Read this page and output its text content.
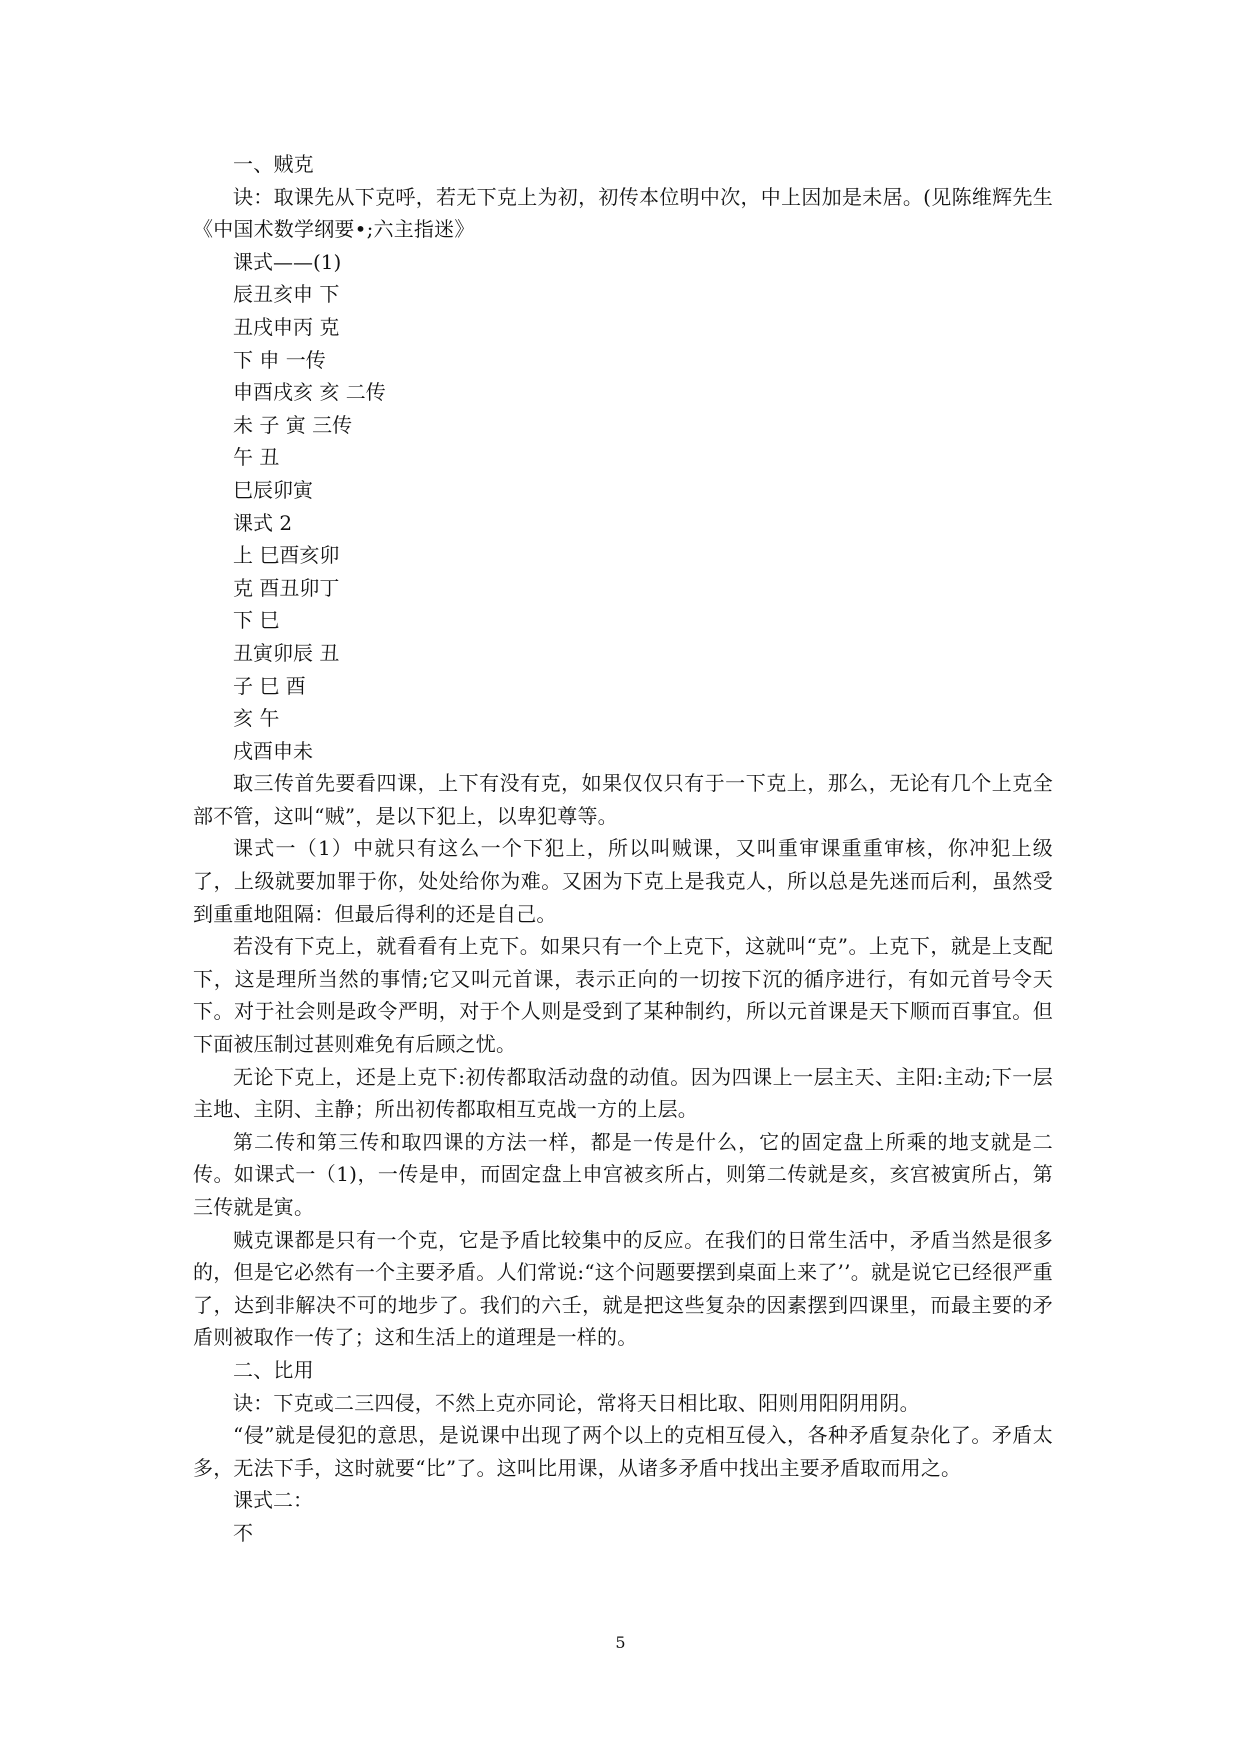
一、贼克

诀：取课先从下克呼，若无下克上为初，初传本位明中次，中上因加是未居。(见陈维辉先生《中国术数学纲要•;六主指迷》

课式——(1)

辰丑亥申 下

丑戌申丙 克

下 申 一传

申酉戌亥 亥 二传

未 子 寅 三传

午 丑

巳辰卯寅

课式 2

上 巳酉亥卯

克 酉丑卯丁

下 巳

丑寅卯辰 丑

子 巳 酉

亥 午

戌酉申未

取三传首先要看四课，上下有没有克，如果仅仅只有于一下克上，那么，无论有几个上克全部不管，这叫“贼”，是以下犯上，以卑犯尊等。

课式一（1）中就只有这么一个下犯上，所以叫贼课，又叫重审课重重审核，你冲犯上级了，上级就要加罪于你，处处给你为难。又困为下克上是我克人，所以总是先迷而后利，虽然受到重重地阻隔：但最后得利的还是自己。

若没有下克上，就看看有上克下。如果只有一个上克下，这就叫“克”。上克下，就是上支配下，这是理所当然的事情;它又叫元首课，表示正向的一切按下沉的循序进行，有如元首号令天下。对于社会则是政令严明，对于个人则是受到了某种制约，所以元首课是天下顺而百事宜。但下面被压制过甚则难免有后顾之忧。

无论下克上，还是上克下:初传都取活动盘的动值。因为四课上一层主天、主阳:主动;下一层主地、主阴、主静；所出初传都取相互克战一方的上层。

第二传和第三传和取四课的方法一样，都是一传是什么，它的固定盘上所乘的地支就是二传。如课式一（1)，一传是申，而固定盘上申宫被亥所占，则第二传就是亥，亥宫被寅所占，第三传就是寅。

贼克课都是只有一个克，它是予盾比较集中的反应。在我们的日常生活中，矛盾当然是很多的，但是它必然有一个主要矛盾。人们常说:“这个问题要摆到桌面上来了’’。就是说它已经很严重了，达到非解决不可的地步了。我们的六壬，就是把这些复杂的因素摆到四课里，而最主要的矛盾则被取作一传了；这和生活上的道理是一样的。

二、比用

诀：下克或二三四侵，不然上克亦同论，常将天日相比取、阳则用阳阴用阴。

“侵”就是侵犯的意思，是说课中出现了两个以上的克相互侵入，各种矛盾复杂化了。矛盾太多，无法下手，这时就要“比”了。这叫比用课，从诸多矛盾中找出主要矛盾取而用之。

课式二：

不

5
